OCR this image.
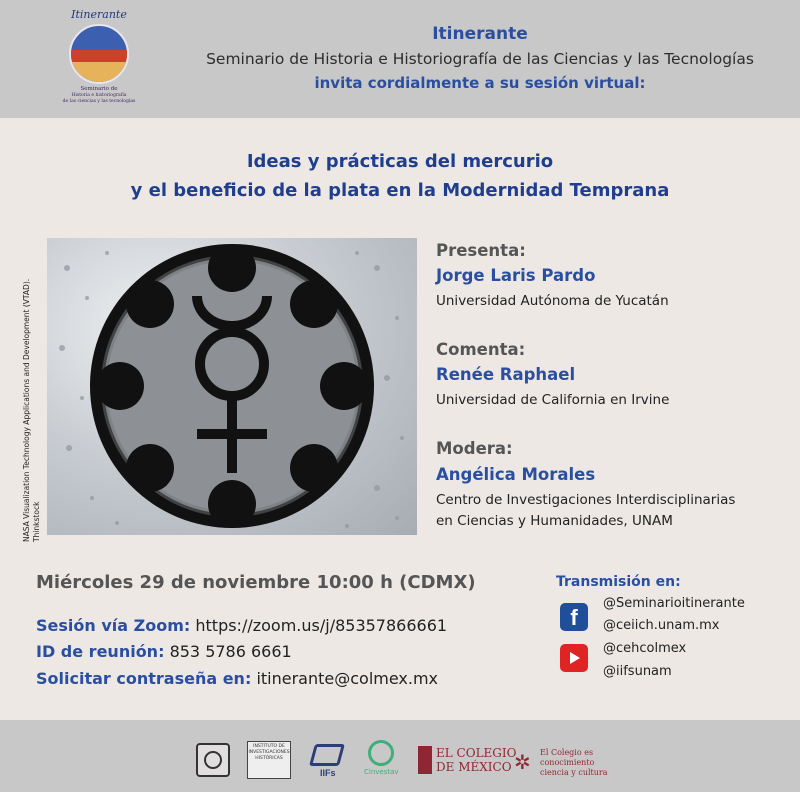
Itinerante
Seminario de
Historia e historiografía
de las ciencias y las tecnologías
Itinerante
Seminario de Historia e Historiografía de las Ciencias y las Tecnologías
invita cordialmente a su sesión virtual:
Ideas y prácticas del mercurio
y el beneficio de la plata en la Modernidad Temprana
NASA Visualization Technology Applications and Development (VTAD). Thinkstock
Presenta:
Jorge Laris Pardo
Universidad Autónoma de Yucatán
Comenta:
Renée Raphael
Universidad de California en Irvine
Modera:
Angélica Morales
Centro de Investigaciones Interdisciplinarias
en Ciencias y Humanidades, UNAM
Miércoles 29 de noviembre 10:00 h (CDMX)
Sesión vía Zoom: https://zoom.us/j/85357866661
ID de reunión: 853 5786 6661
Solicitar contraseña en: itinerante@colmex.mx
Transmisión en:
f
@Seminarioitinerante
@ceiich.unam.mx
@cehcolmex
@iifsunam
INSTITUTO DE INVESTIGACIONES HISTÓRICAS
IIFs	Cinvestav
EL COLEGIO
DE MÉXICO ✲ El Colegio es
conocimiento
ciencia y cultura
